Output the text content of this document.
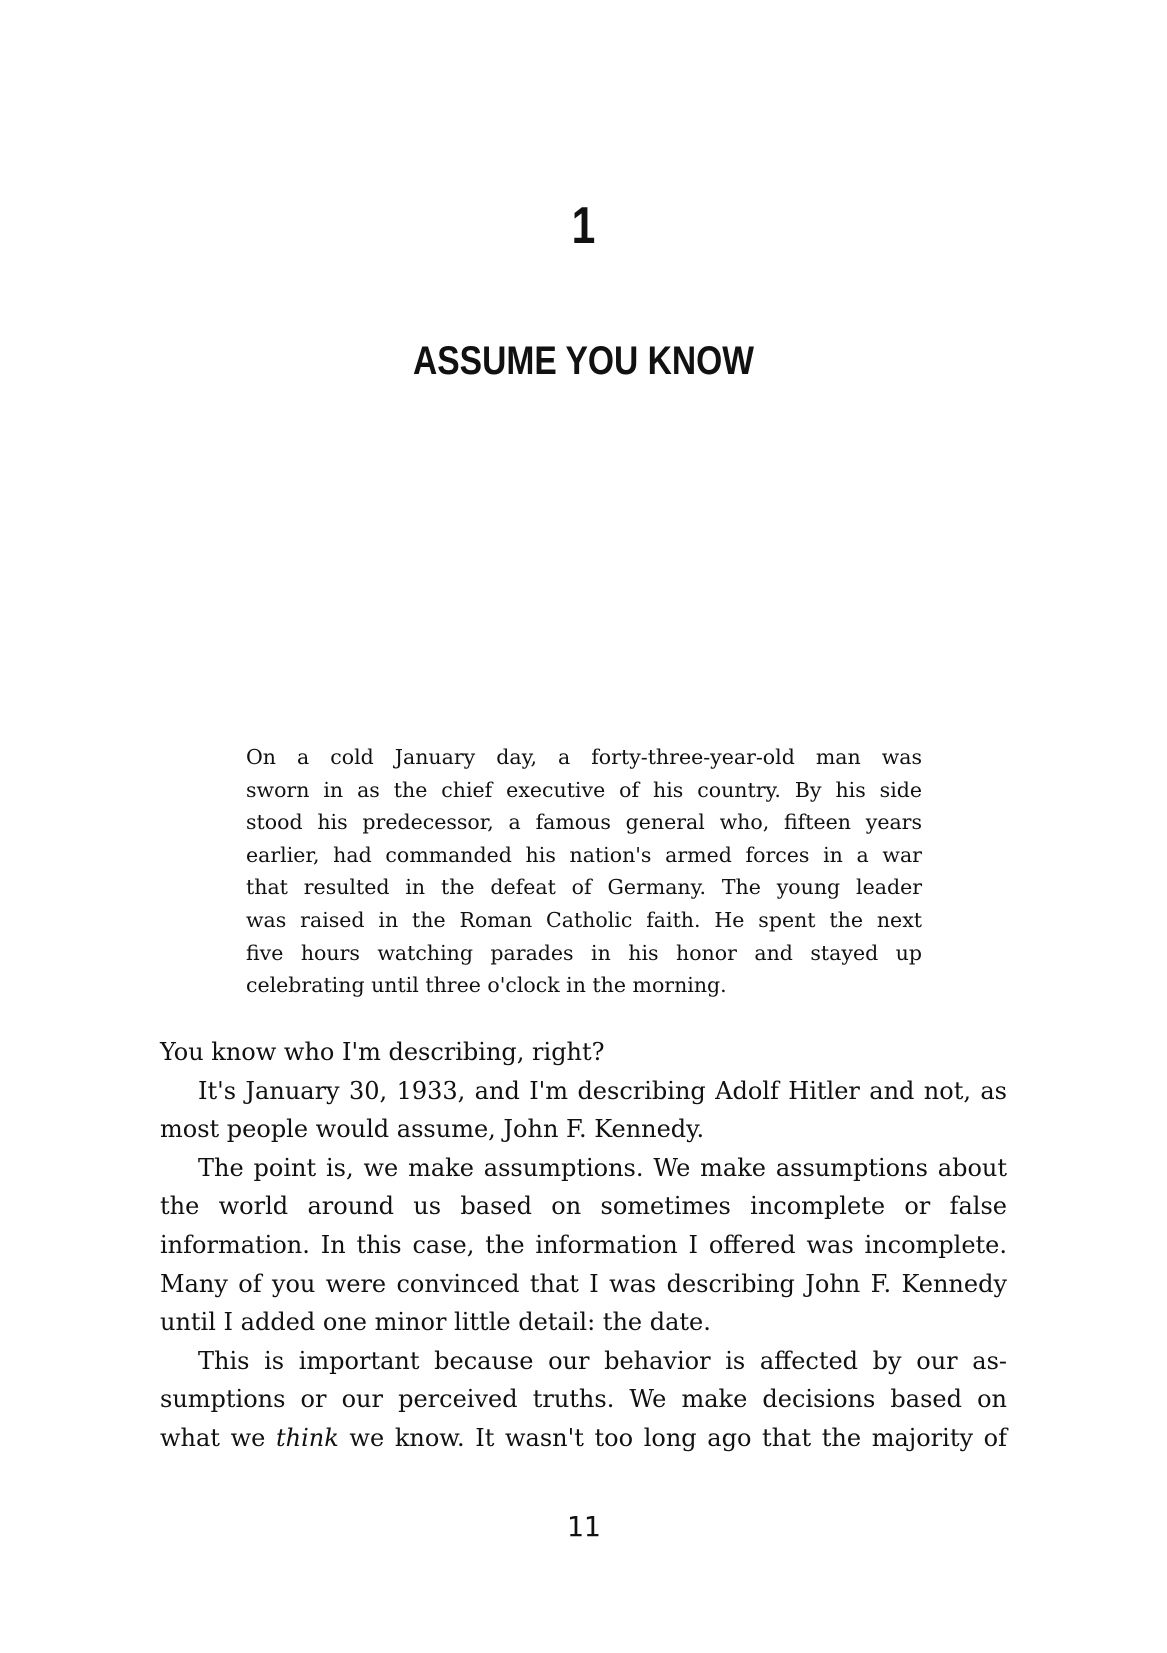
1
ASSUME YOU KNOW
On a cold January day, a forty-three-year-old man was
sworn in as the chief executive of his country. By his side
stood his predecessor, a famous general who, fifteen years
earlier, had commanded his nation's armed forces in a war
that resulted in the defeat of Germany. The young leader
was raised in the Roman Catholic faith. He spent the next
five hours watching parades in his honor and stayed up
celebrating until three o'clock in the morning.
You know who I'm describing, right?
It's January 30, 1933, and I'm describing Adolf Hitler and not, as
most people would assume, John F. Kennedy.
The point is, we make assumptions. We make assumptions about
the world around us based on sometimes incomplete or false
information. In this case, the information I offered was incomplete.
Many of you were convinced that I was describing John F. Kennedy
until I added one minor little detail: the date.
This is important because our behavior is affected by our as-
sumptions or our perceived truths. We make decisions based on
what we think we know. It wasn't too long ago that the majority of
11
